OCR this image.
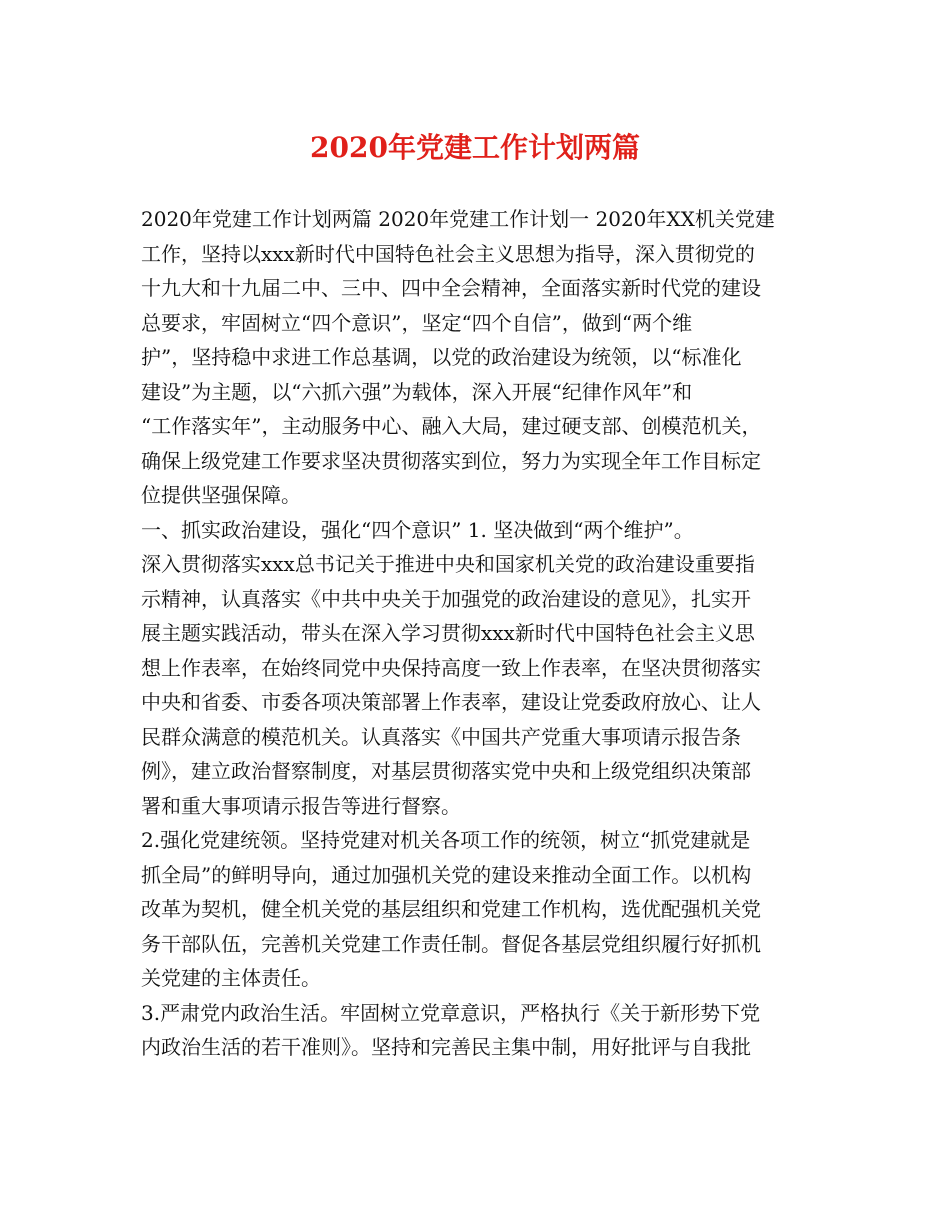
2020年党建工作计划两篇
2020年党建工作计划两篇 2020年党建工作计划一 2020年XX机关党建
工作，坚持以xxx新时代中国特色社会主义思想为指导，深入贯彻党的
十九大和十九届二中、三中、四中全会精神，全面落实新时代党的建设
总要求，牢固树立“四个意识”，坚定“四个自信”，做到“两个维
护”，坚持稳中求进工作总基调，以党的政治建设为统领，以“标准化
建设”为主题，以“六抓六强”为载体，深入开展“纪律作风年”和
“工作落实年”，主动服务中心、融入大局，建过硬支部、创模范机关，
确保上级党建工作要求坚决贯彻落实到位，努力为实现全年工作目标定
位提供坚强保障。
一、抓实政治建设，强化“四个意识” 1. 坚决做到“两个维护”。
深入贯彻落实xxx总书记关于推进中央和国家机关党的政治建设重要指
示精神，认真落实《中共中央关于加强党的政治建设的意见》，扎实开
展主题实践活动，带头在深入学习贯彻xxx新时代中国特色社会主义思
想上作表率，在始终同党中央保持高度一致上作表率，在坚决贯彻落实
中央和省委、市委各项决策部署上作表率，建设让党委政府放心、让人
民群众满意的模范机关。认真落实《中国共产党重大事项请示报告条
例》，建立政治督察制度，对基层贯彻落实党中央和上级党组织决策部
署和重大事项请示报告等进行督察。
2.强化党建统领。坚持党建对机关各项工作的统领，树立“抓党建就是
抓全局”的鲜明导向，通过加强机关党的建设来推动全面工作。以机构
改革为契机，健全机关党的基层组织和党建工作机构，选优配强机关党
务干部队伍，完善机关党建工作责任制。督促各基层党组织履行好抓机
关党建的主体责任。
3.严肃党内政治生活。牢固树立党章意识，严格执行《关于新形势下党
内政治生活的若干准则》。坚持和完善民主集中制，用好批评与自我批
